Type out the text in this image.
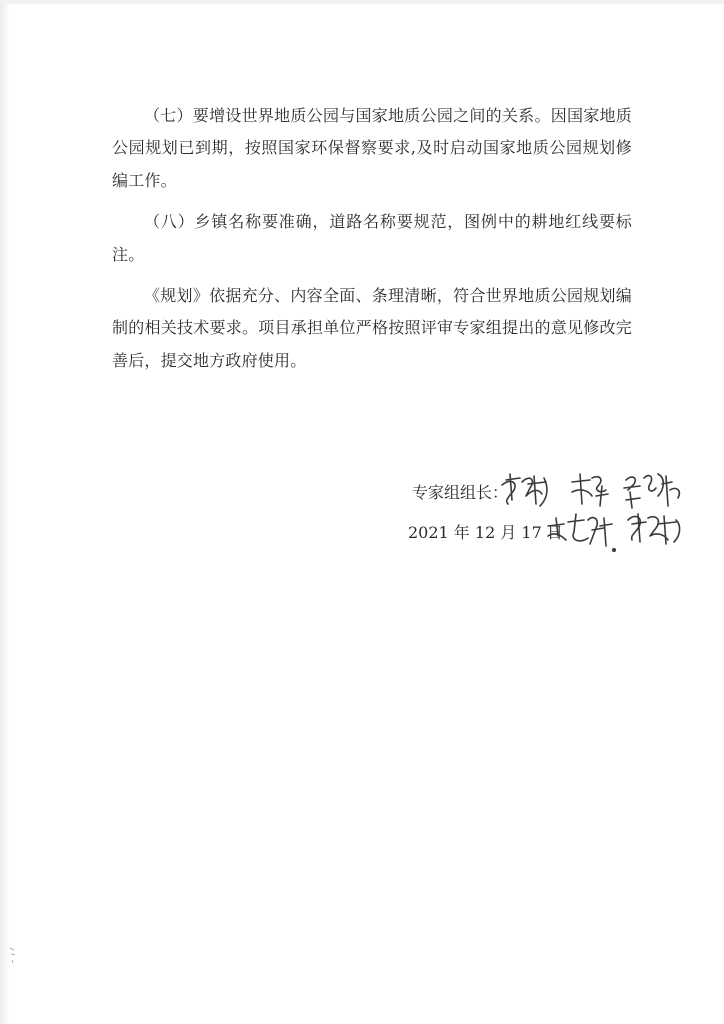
（七）要增设世界地质公园与国家地质公园之间的关系。因国家地质公园规划已到期，按照国家环保督察要求,及时启动国家地质公园规划修编工作。

（八）乡镇名称要准确，道路名称要规范，图例中的耕地红线要标注。

《规划》依据充分、内容全面、条理清晰，符合世界地质公园规划编制的相关技术要求。项目承担单位严格按照评审专家组提出的意见修改完善后，提交地方政府使用。

专家组组长：
2021 年 12 月 17 日
